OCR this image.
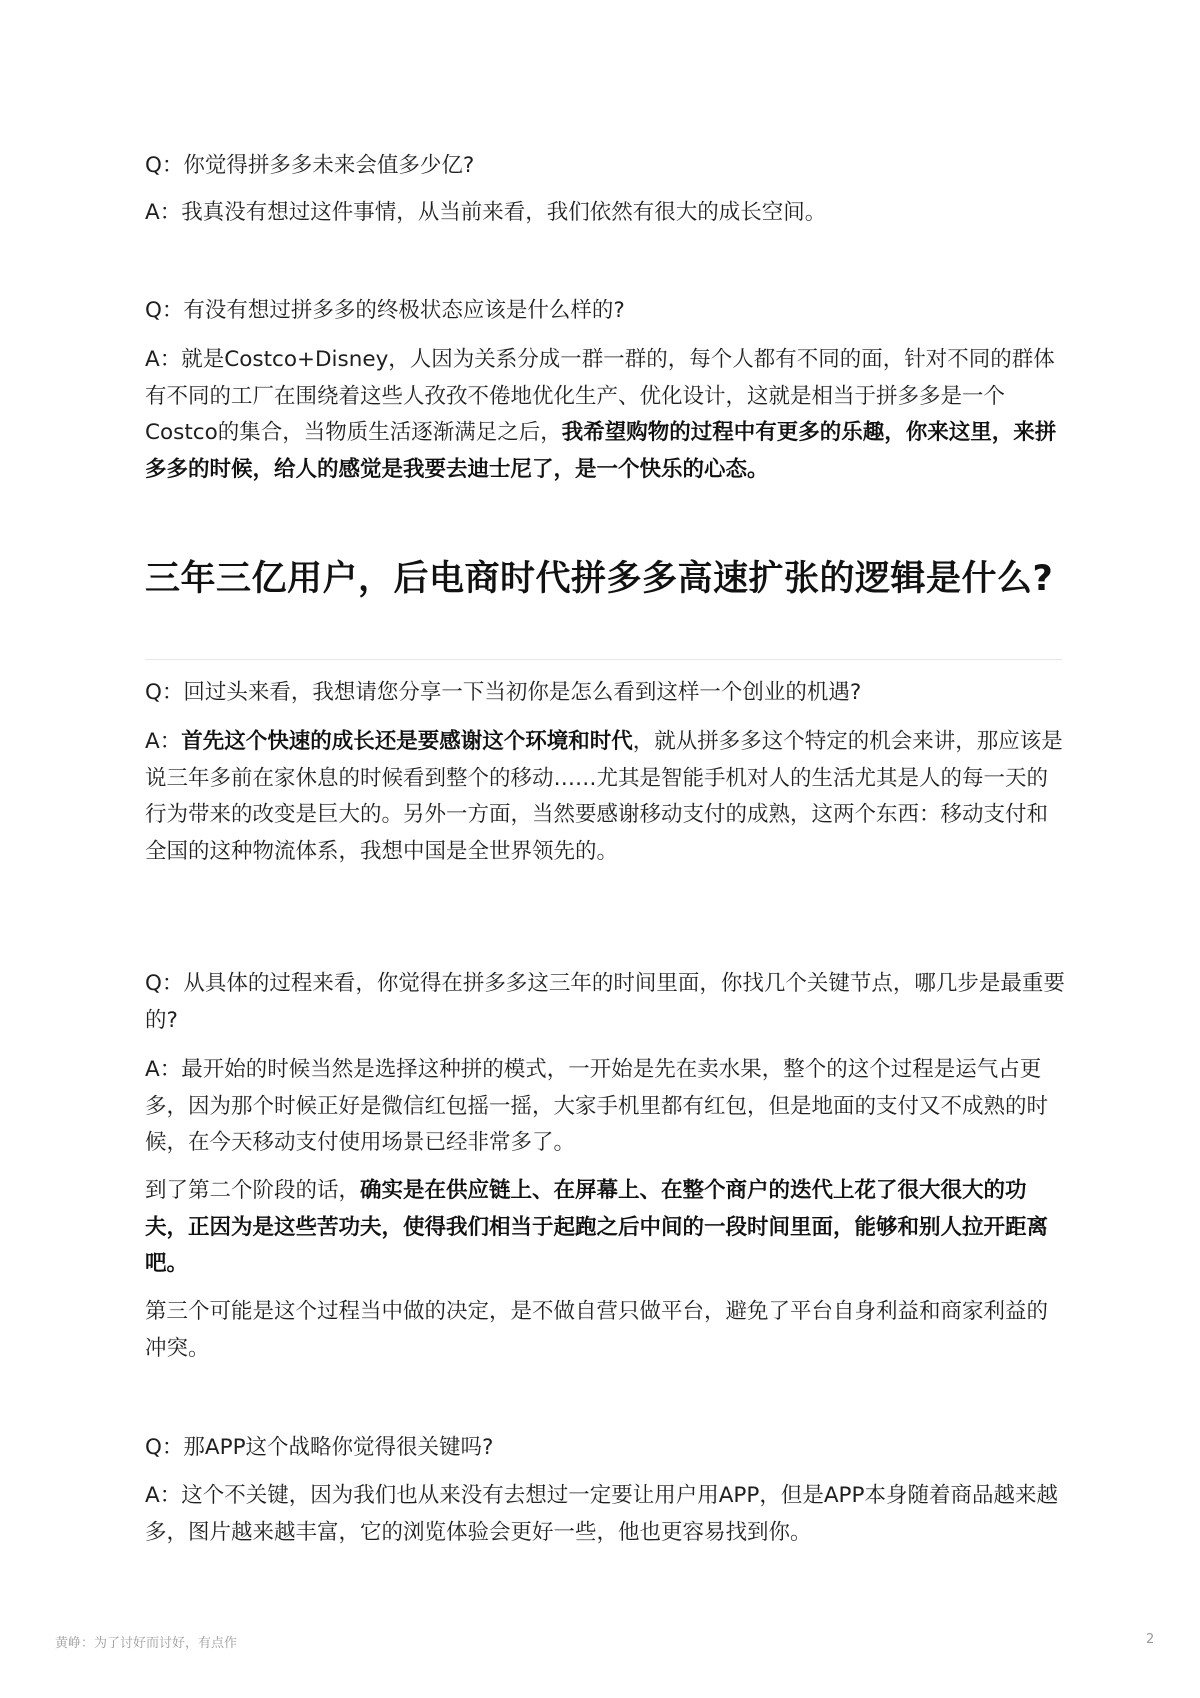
Q：你觉得拼多多未来会值多少亿?

A：我真没有想过这件事情，从当前来看，我们依然有很大的成长空间。

Q：有没有想过拼多多的终极状态应该是什么样的?

A：就是Costco+Disney，人因为关系分成一群一群的，每个人都有不同的面，针对不同的群体有不同的工厂在围绕着这些人孜孜不倦地优化生产、优化设计，这就是相当于拼多多是一个Costco的集合，当物质生活逐渐满足之后，我希望购物的过程中有更多的乐趣，你来这里，来拼多多的时候，给人的感觉是我要去迪士尼了，是一个快乐的心态。

三年三亿用户，后电商时代拼多多高速扩张的逻辑是什么?

Q：回过头来看，我想请您分享一下当初你是怎么看到这样一个创业的机遇?

A：首先这个快速的成长还是要感谢这个环境和时代，就从拼多多这个特定的机会来讲，那应该是说三年多前在家休息的时候看到整个的移动……尤其是智能手机对人的生活尤其是人的每一天的行为带来的改变是巨大的。另外一方面，当然要感谢移动支付的成熟，这两个东西：移动支付和全国的这种物流体系，我想中国是全世界领先的。

Q：从具体的过程来看，你觉得在拼多多这三年的时间里面，你找几个关键节点，哪几步是最重要的?

A：最开始的时候当然是选择这种拼的模式，一开始是先在卖水果，整个的这个过程是运气占更多，因为那个时候正好是微信红包摇一摇，大家手机里都有红包，但是地面的支付又不成熟的时候，在今天移动支付使用场景已经非常多了。

到了第二个阶段的话，确实是在供应链上、在屏幕上、在整个商户的迭代上花了很大很大的功夫，正因为是这些苦功夫，使得我们相当于起跑之后中间的一段时间里面，能够和别人拉开距离吧。

第三个可能是这个过程当中做的决定，是不做自营只做平台，避免了平台自身利益和商家利益的冲突。

Q：那APP这个战略你觉得很关键吗?

A：这个不关键，因为我们也从来没有去想过一定要让用户用APP，但是APP本身随着商品越来越多，图片越来越丰富，它的浏览体验会更好一些，他也更容易找到你。

黄峥：为了讨好而讨好，有点作	2
